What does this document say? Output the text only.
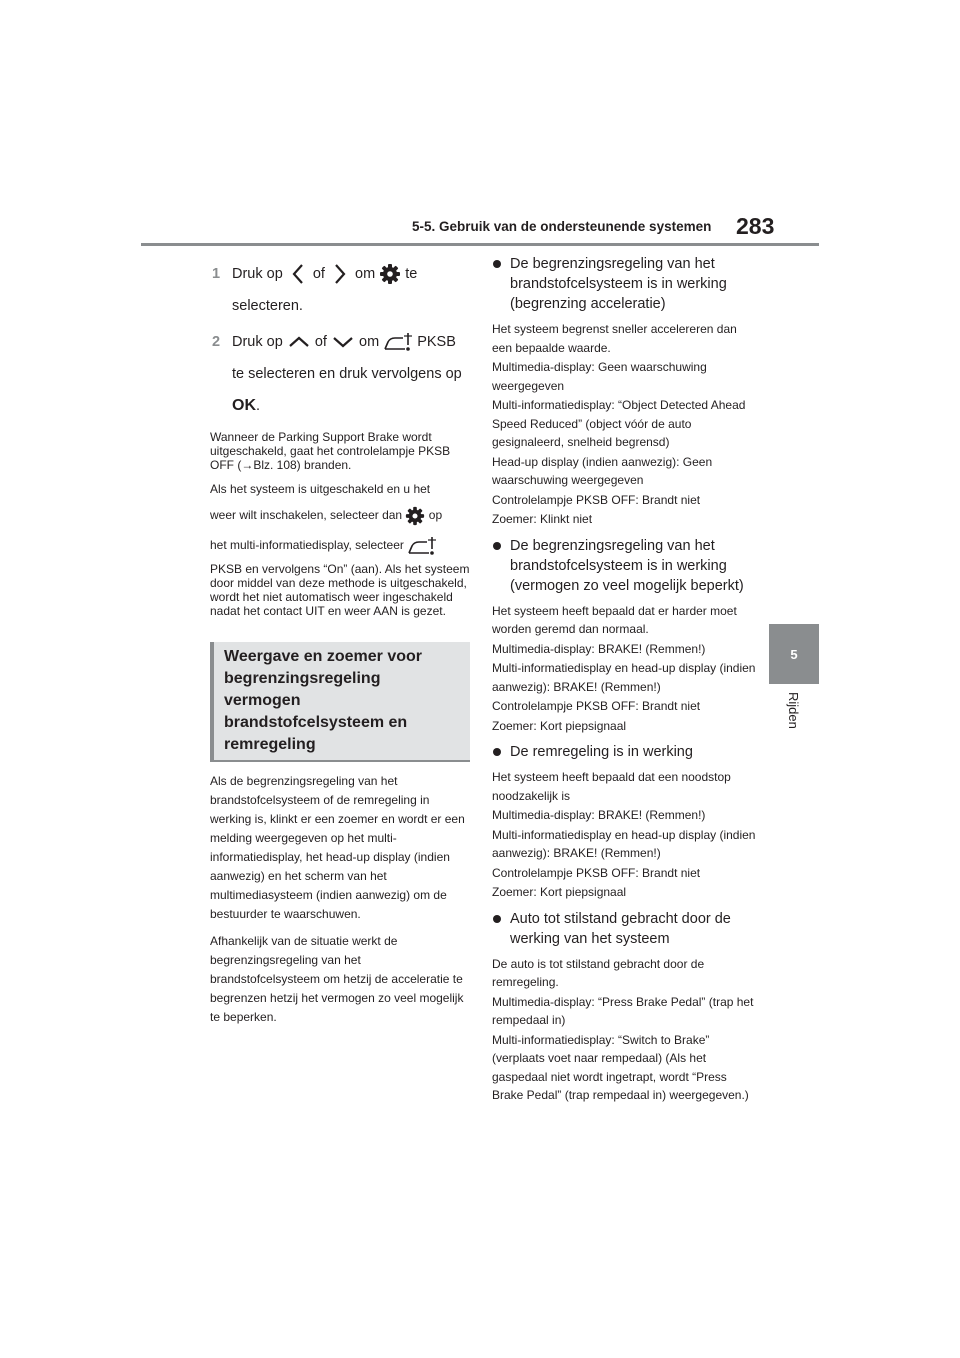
5-5. Gebruik van de ondersteunende systemen 283
5
Rijden
1 Druk op of om te
selecteren.
2 Druk op of om	PKSB
te selecteren en druk vervolgens op
OK.

Wanneer de Parking Support Brake wordt uitgeschakeld, gaat het controlelampje PKSB OFF (→Blz. 108) branden.

Als het systeem is uitgeschakeld en u het

weer wilt inschakelen, selecteer dan op

het multi-informatiedisplay, selecteer

PKSB en vervolgens “On” (aan). Als het systeem door middel van deze methode is uitgeschakeld, wordt het niet automatisch weer ingeschakeld nadat het contact UIT en weer AAN is gezet.

Weergave en zoemer voor begrenzingsregeling vermogen brandstofcelsysteem en remregeling

Als de begrenzingsregeling van het brandstofcelsysteem of de remregeling in werking is, klinkt er een zoemer en wordt er een melding weergegeven op het multi-informatiedisplay, het head-up display (indien aanwezig) en het scherm van het multimediasysteem (indien aanwezig) om de bestuurder te waarschuwen.

Afhankelijk van de situatie werkt de begrenzingsregeling van het brandstofcelsysteem om hetzij de acceleratie te begrenzen hetzij het vermogen zo veel mogelijk te beperken.

De begrenzingsregeling van het brandstofcelsysteem is in werking (begrenzing acceleratie)

Het systeem begrenst sneller accelereren dan een bepaalde waarde.

Multimedia-display: Geen waarschuwing weergegeven

Multi-informatiedisplay: “Object Detected Ahead Speed Reduced” (object vóór de auto gesignaleerd, snelheid begrensd)

Head-up display (indien aanwezig): Geen waarschuwing weergegeven

Controlelampje PKSB OFF: Brandt niet

Zoemer: Klinkt niet

De begrenzingsregeling van het brandstofcelsysteem is in werking (vermogen zo veel mogelijk beperkt)

Het systeem heeft bepaald dat er harder moet worden geremd dan normaal.

Multimedia-display: BRAKE! (Remmen!)

Multi-informatiedisplay en head-up display (indien aanwezig): BRAKE! (Remmen!)

Controlelampje PKSB OFF: Brandt niet

Zoemer: Kort piepsignaal

De remregeling is in werking

Het systeem heeft bepaald dat een noodstop noodzakelijk is

Multimedia-display: BRAKE! (Remmen!)

Multi-informatiedisplay en head-up display (indien aanwezig): BRAKE! (Remmen!)

Controlelampje PKSB OFF: Brandt niet

Zoemer: Kort piepsignaal

Auto tot stilstand gebracht door de werking van het systeem

De auto is tot stilstand gebracht door de remregeling.

Multimedia-display: “Press Brake Pedal” (trap het rempedaal in)

Multi-informatiedisplay: “Switch to Brake” (verplaats voet naar rempedaal) (Als het gaspedaal niet wordt ingetrapt, wordt “Press Brake Pedal” (trap rempedaal in) weergegeven.)
